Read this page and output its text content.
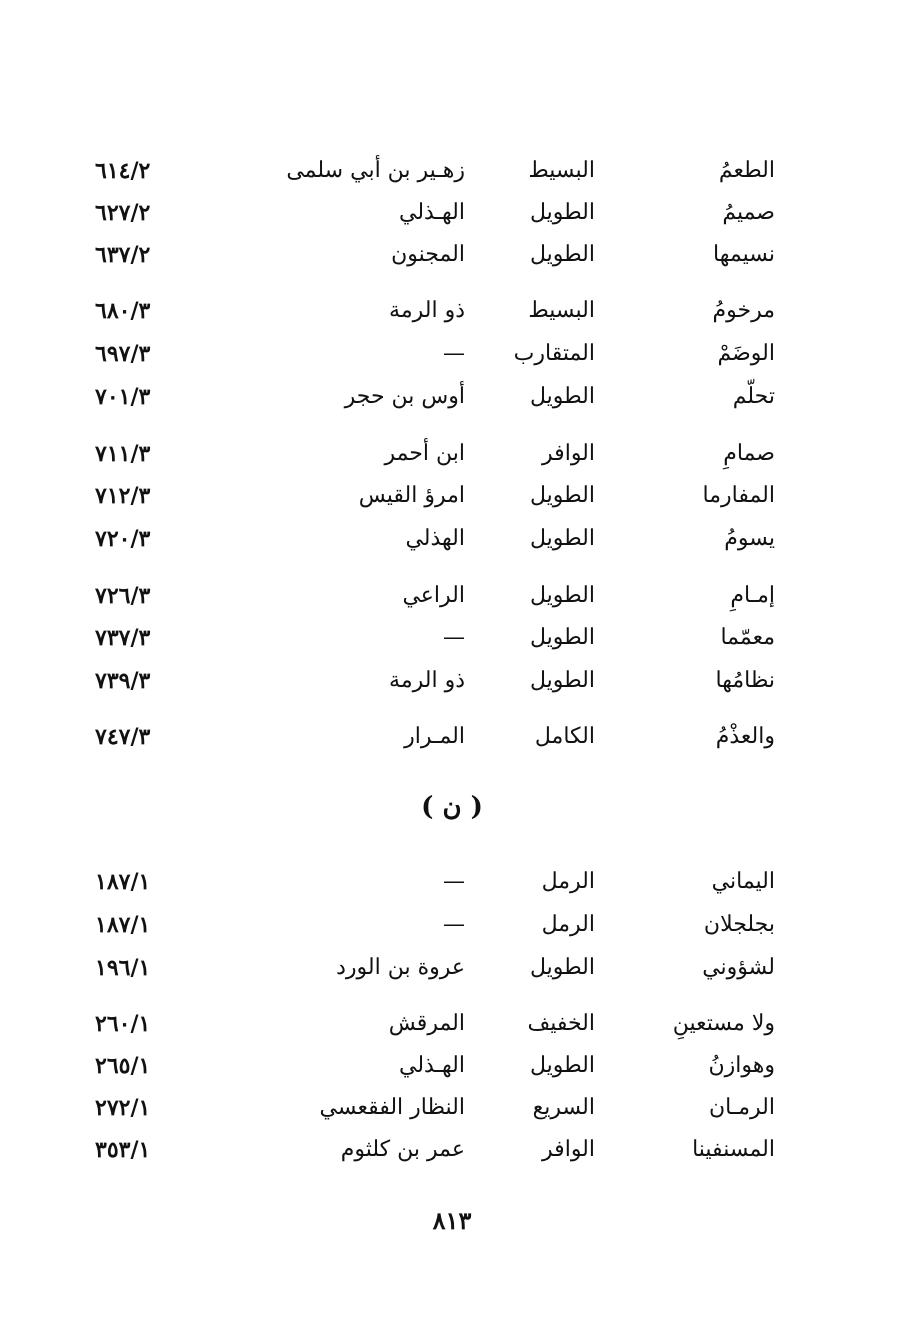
الطعمُ
البسيط
زهـير بن أبي سلمى
٦١٤/٢
صميمُ
الطويل
الهـذلي
٦٢٧/٢
نسيمها
الطويل
المجنون
٦٣٧/٢
مرخومُ
البسيط
ذو الرمة
٦٨٠/٣
الوضَمْ
المتقارب
—
٦٩٧/٣
تحلّم
الطويل
أوس بن حجر
٧٠١/٣
صمامِ
الوافر
ابن أحمر
٧١١/٣
المفارما
الطويل
امرؤ القيس
٧١٢/٣
يسومُ
الطويل
الهذلي
٧٢٠/٣
إمـامِ
الطويل
الراعي
٧٢٦/٣
معمّما
الطويل
—
٧٣٧/٣
نظامُها
الطويل
ذو الرمة
٧٣٩/٣
والعذْمُ
الكامل
المـرار
٧٤٧/٣
( ن )
اليماني
الرمل
—
١٨٧/١
بجلجلان
الرمل
—
١٨٧/١
لشؤوني
الطويل
عروة بن الورد
١٩٦/١
ولا مستعينِ
الخفيف
المرقش
٢٦٠/١
وهوازنُ
الطويل
الهـذلي
٢٦٥/١
الرمـان
السريع
النظار الفقعسي
٢٧٢/١
المسنفينا
الوافر
عمر بن كلثوم
٣٥٣/١
٨١٣
